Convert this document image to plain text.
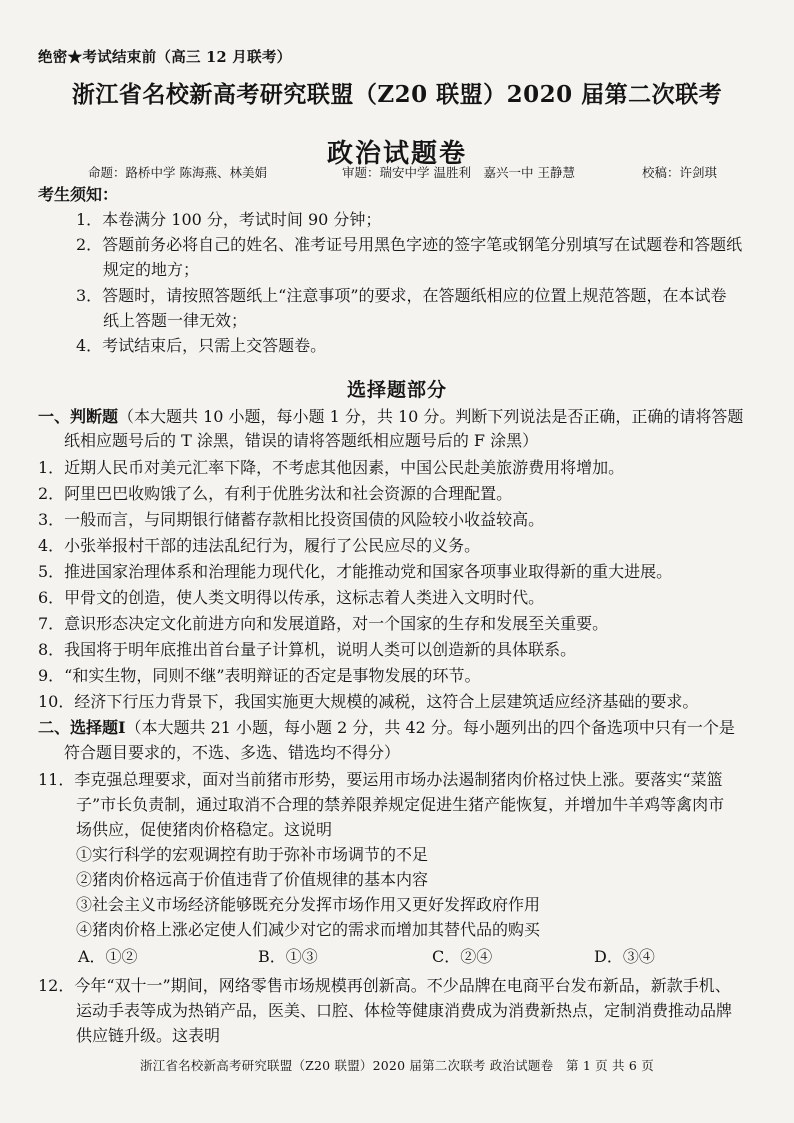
绝密★考试结束前（高三 12 月联考）
浙江省名校新高考研究联盟（Z20 联盟）2020 届第二次联考
政治试题卷
命题：路桥中学 陈海燕、林美娟	审题：瑞安中学 温胜利　嘉兴一中 王静慧	校稿：许剑琪
考生须知：
1．本卷满分 100 分，考试时间 90 分钟；
2．答题前务必将自己的姓名、准考证号用黑色字迹的签字笔或钢笔分别填写在试题卷和答题纸
规定的地方；
3．答题时，请按照答题纸上“注意事项”的要求，在答题纸相应的位置上规范答题，在本试卷
纸上答题一律无效；
4．考试结束后，只需上交答题卷。
选择题部分
一、判断题（本大题共 10 小题，每小题 1 分，共 10 分。判断下列说法是否正确，正确的请将答题
纸相应题号后的 T 涂黑，错误的请将答题纸相应题号后的 F 涂黑）
1．近期人民币对美元汇率下降，不考虑其他因素，中国公民赴美旅游费用将增加。
2．阿里巴巴收购饿了么，有利于优胜劣汰和社会资源的合理配置。
3．一般而言，与同期银行储蓄存款相比投资国债的风险较小收益较高。
4．小张举报村干部的违法乱纪行为，履行了公民应尽的义务。
5．推进国家治理体系和治理能力现代化，才能推动党和国家各项事业取得新的重大进展。
6．甲骨文的创造，使人类文明得以传承，这标志着人类进入文明时代。
7．意识形态决定文化前进方向和发展道路，对一个国家的生存和发展至关重要。
8．我国将于明年底推出首台量子计算机，说明人类可以创造新的具体联系。
9．“和实生物，同则不继”表明辩证的否定是事物发展的环节。
10．经济下行压力背景下，我国实施更大规模的减税，这符合上层建筑适应经济基础的要求。
二、选择题Ⅰ（本大题共 21 小题，每小题 2 分，共 42 分。每小题列出的四个备选项中只有一个是
符合题目要求的，不选、多选、错选均不得分）
11．李克强总理要求，面对当前猪市形势，要运用市场办法遏制猪肉价格过快上涨。要落实“菜篮
子”市长负责制，通过取消不合理的禁养限养规定促进生猪产能恢复，并增加牛羊鸡等禽肉市
场供应，促使猪肉价格稳定。这说明
①实行科学的宏观调控有助于弥补市场调节的不足
②猪肉价格远高于价值违背了价值规律的基本内容
③社会主义市场经济能够既充分发挥市场作用又更好发挥政府作用
④猪肉价格上涨必定使人们减少对它的需求而增加其替代品的购买
A．①②	B．①③	C．②④	D．③④
12．今年“双十一”期间，网络零售市场规模再创新高。不少品牌在电商平台发布新品，新款手机、
运动手表等成为热销产品，医美、口腔、体检等健康消费成为消费新热点，定制消费推动品牌
供应链升级。这表明
浙江省名校新高考研究联盟（Z20 联盟）2020 届第二次联考 政治试题卷　第 1 页 共 6 页
